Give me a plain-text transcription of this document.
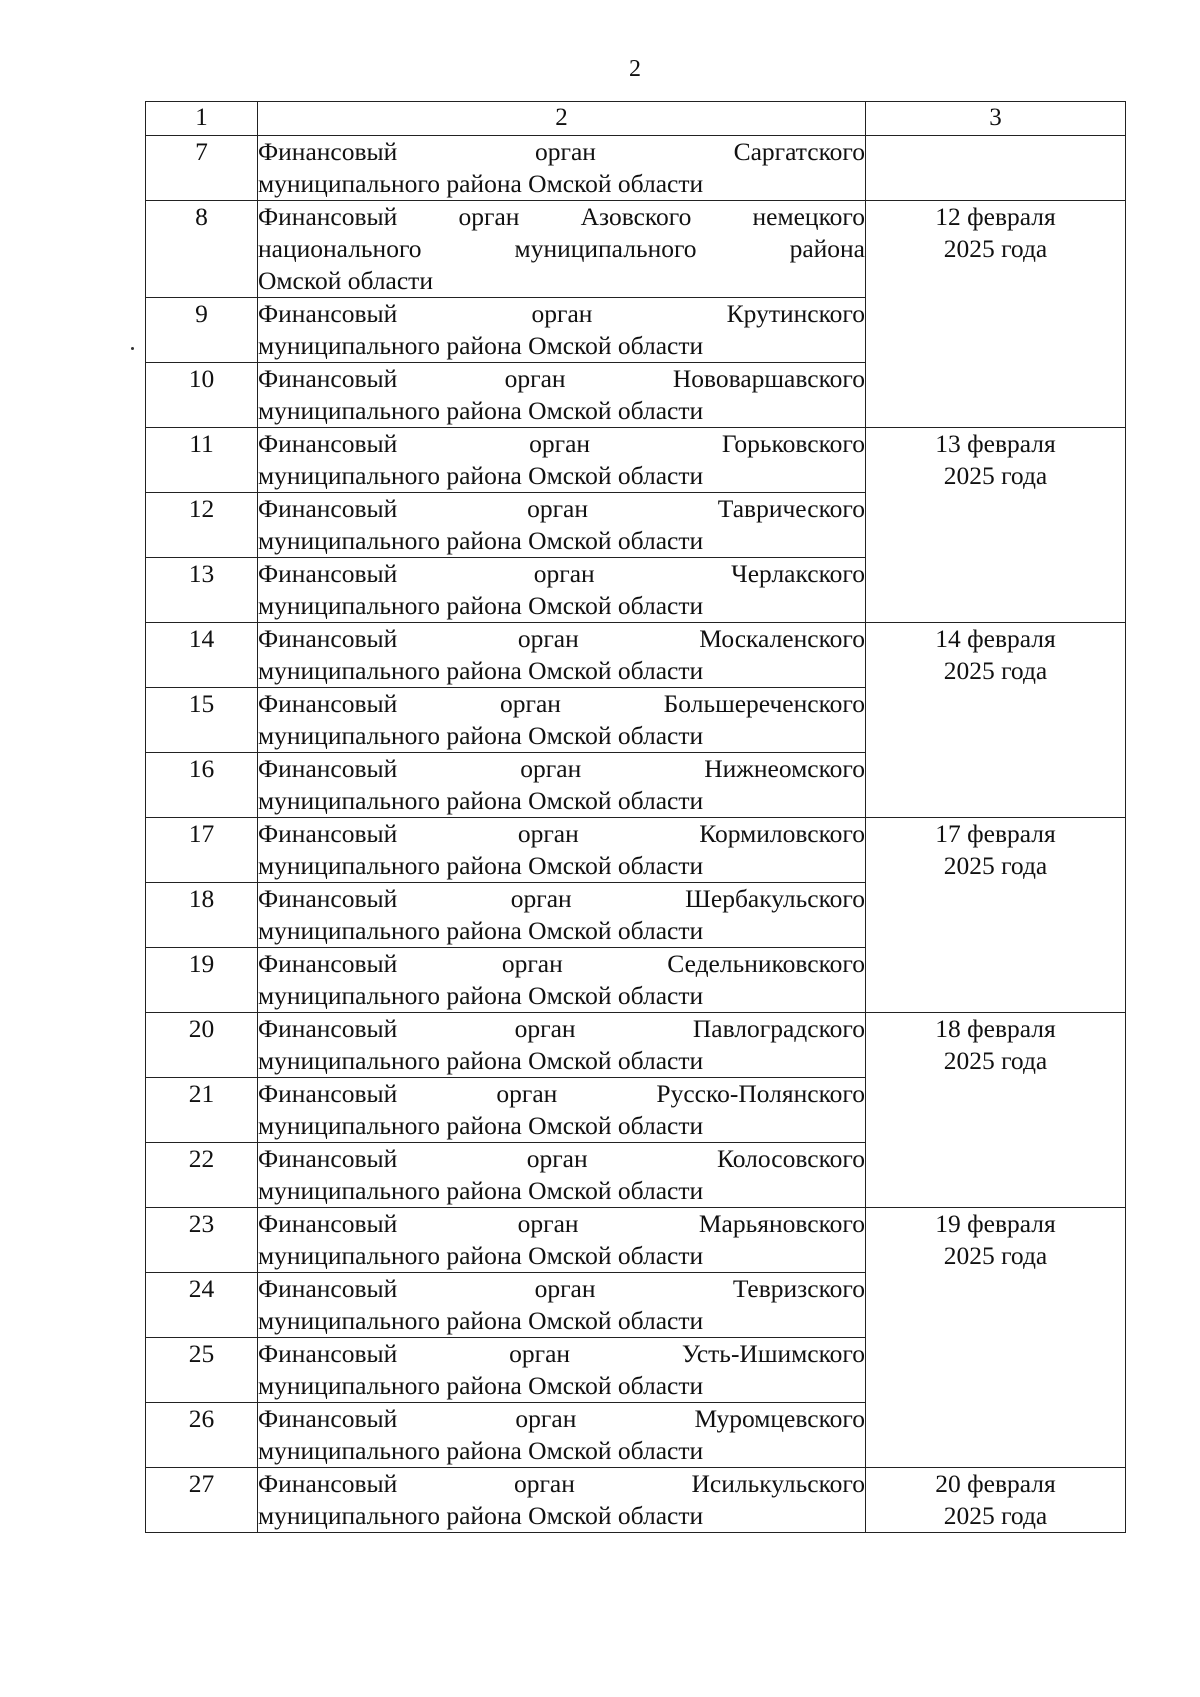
2
1	2	3
7	Финансовый орган Саргатского
муниципального района Омской области	

8	Финансовый орган Азовского немецкого национального муниципального района
Омской области	12 февраля
2025 года

9	Финансовый орган Крутинского
муниципального района Омской области	

10	Финансовый орган Нововаршавского
муниципального района Омской области	

11	Финансовый орган Горьковского
муниципального района Омской области	13 февраля
2025 года

12	Финансовый орган Таврического
муниципального района Омской области	

13	Финансовый орган Черлакского
муниципального района Омской области	

14	Финансовый орган Москаленского
муниципального района Омской области	14 февраля
2025 года

15	Финансовый орган Большереченского
муниципального района Омской области	

16	Финансовый орган Нижнеомского
муниципального района Омской области	

17	Финансовый орган Кормиловского
муниципального района Омской области	17 февраля
2025 года

18	Финансовый орган Шербакульского
муниципального района Омской области	

19	Финансовый орган Седельниковского
муниципального района Омской области	

20	Финансовый орган Павлоградского
муниципального района Омской области	18 февраля
2025 года

21	Финансовый орган Русско-Полянского
муниципального района Омской области	

22	Финансовый орган Колосовского
муниципального района Омской области	

23	Финансовый орган Марьяновского
муниципального района Омской области	19 февраля
2025 года

24	Финансовый орган Тевризского
муниципального района Омской области	

25	Финансовый орган Усть-Ишимского
муниципального района Омской области	

26	Финансовый орган Муромцевского
муниципального района Омской области	

27	Финансовый орган Исилькульского
муниципального района Омской области	20 февраля
2025 года
